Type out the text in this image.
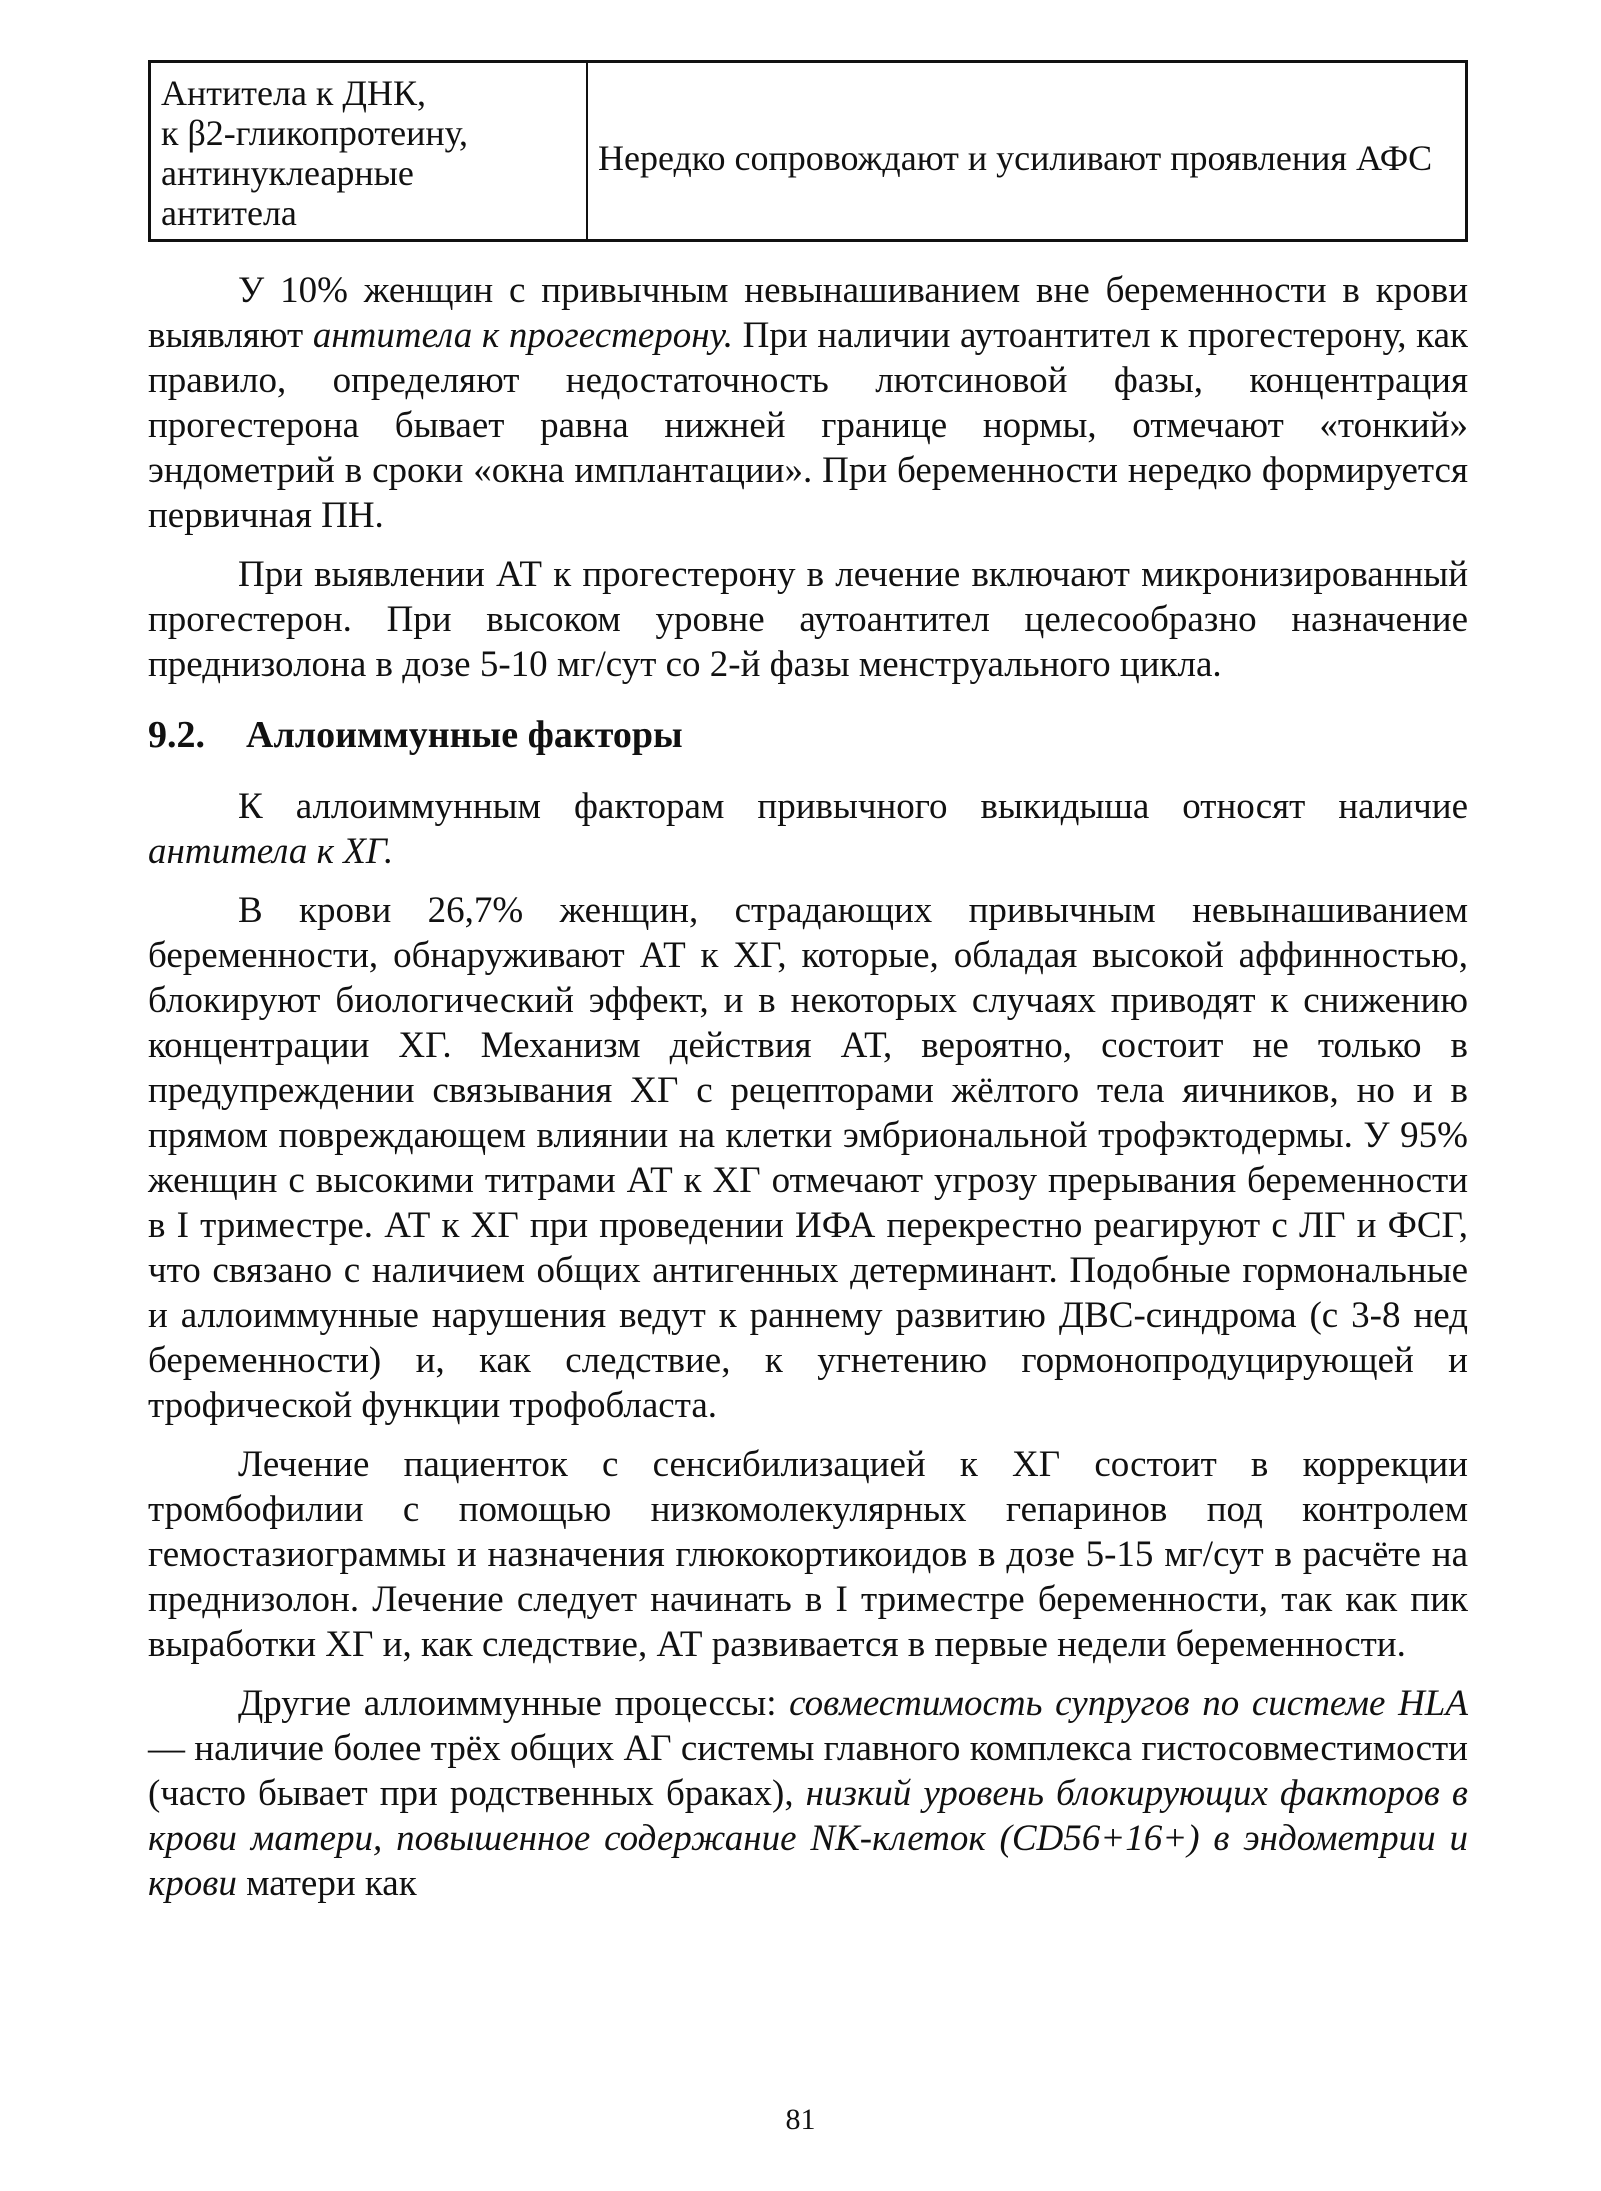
Антитела к ДНК,
к β2-гликопротеину,
антинуклеарные
антитела
	Нередко сопровождают и усиливают проявления АФС

У 10% женщин с привычным невынашиванием вне беременности в крови выявляют антитела к прогестерону. При наличии аутоантител к прогестерону, как правило, определяют недостаточность лютсиновой фазы, концентрация прогестерона бывает равна нижней границе нормы, отмечают «тонкий» эндометрий в сроки «окна имплантации». При беременности нередко формируется первичная ПН.

При выявлении АТ к прогестерону в лечение включают микронизированный прогестерон. При высоком уровне аутоантител целесообразно назначение преднизолона в дозе 5-10 мг/сут со 2-й фазы менструального цикла.

9.2. Аллоиммунные факторы

К аллоиммунным факторам привычного выкидыша относят наличие антитела к ХГ.

В крови 26,7% женщин, страдающих привычным невынашиванием беременности, обнаруживают АТ к ХГ, которые, обладая высокой аффинностью, блокируют биологический эффект, и в некоторых случаях приводят к снижению концентрации ХГ. Механизм действия АТ, вероятно, состоит не только в предупреждении связывания ХГ с рецепторами жёлтого тела яичников, но и в прямом повреждающем влиянии на клетки эмбриональной трофэктодермы. У 95% женщин с высокими титрами АТ к ХГ отмечают угрозу прерывания беременности в I триместре. АТ к ХГ при проведении ИФА перекрестно реагируют с ЛГ и ФСГ, что связано с наличием общих антигенных детерминант. Подобные гормональные и аллоиммунные нарушения ведут к раннему развитию ДВС-синдрома (с 3-8 нед беременности) и, как следствие, к угнетению гормонопродуцирующей и трофической функции трофобласта.

Лечение пациенток с сенсибилизацией к ХГ состоит в коррекции тромбофилии с помощью низкомолекулярных гепаринов под контролем гемостазиограммы и назначения глюкокортикоидов в дозе 5-15 мг/сут в расчёте на преднизолон. Лечение следует начинать в I триместре беременности, так как пик выработки ХГ и, как следствие, АТ развивается в первые недели беременности.

Другие аллоиммунные процессы: совместимость супругов по системе HLA — наличие более трёх общих АГ системы главного комплекса гистосовместимости (часто бывает при родственных браках), низкий уровень блокирующих факторов в крови матери, повышенное содержание NK-клеток (CD56+16+) в эндометрии и крови матери как

81
